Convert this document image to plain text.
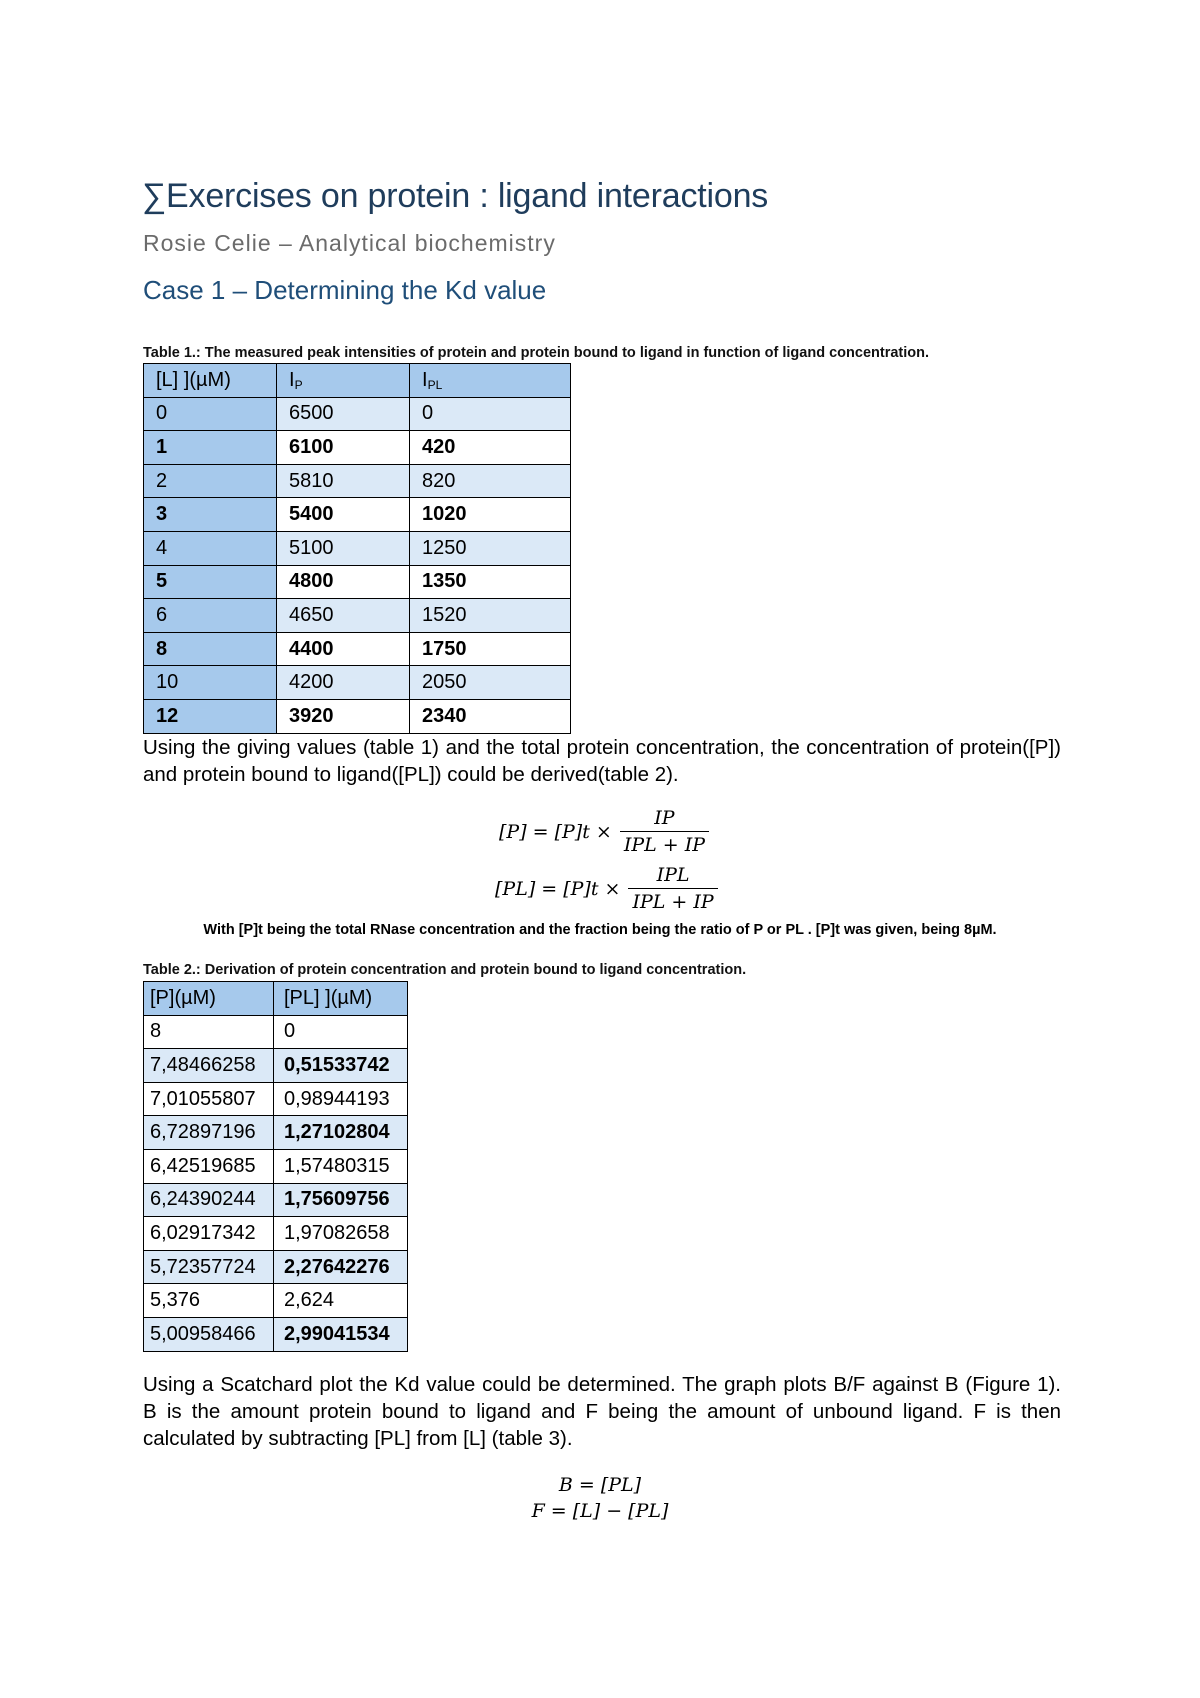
∑Exercises on protein : ligand interactions
Rosie Celie – Analytical biochemistry
Case 1 – Determining the Kd value
Table 1.: The measured peak intensities of protein and protein bound to ligand in function of ligand concentration.
[L] ](µM)	$I_P$	$I_{PL}$
0	6500	0
1	6100	420
2	5810	820
3	5400	1020
4	5100	1250
5	4800	1350
6	4650	1520
8	4400	1750
10	4200	2050
12	3920	2340
Using the giving values (table 1) and the total protein concentration, the concentration of protein([P]) and protein bound to ligand([PL]) could be derived(table 2).
$[P] = [P]t \times \frac{IP}{\text{IPL + IP}}$
$[PL] = [P]t \times \frac{\text{IPL}}{\text{IPL + IP}}$
With [P]t being the total RNase concentration and the fraction being the ratio of P or PL . [P]t was given, being 8µM.
Table 2.: Derivation of protein concentration and protein bound to ligand concentration.
[P](µM)	[PL] ](µM)
8	0
7,48466258	0,51533742
7,01055807	0,98944193
6,72897196	1,27102804
6,42519685	1,57480315
6,24390244	1,75609756
6,02917342	1,97082658
5,72357724	2,27642276
5,376	2,624
5,00958466	2,99041534
Using a Scatchard plot the Kd value could be determined. The graph plots B/F against B (Figure 1). B is the amount protein bound to ligand and F being the amount of unbound ligand. F is then calculated by subtracting [PL] from [L] (table 3).
B = [PL]
F = [L] − [PL]
